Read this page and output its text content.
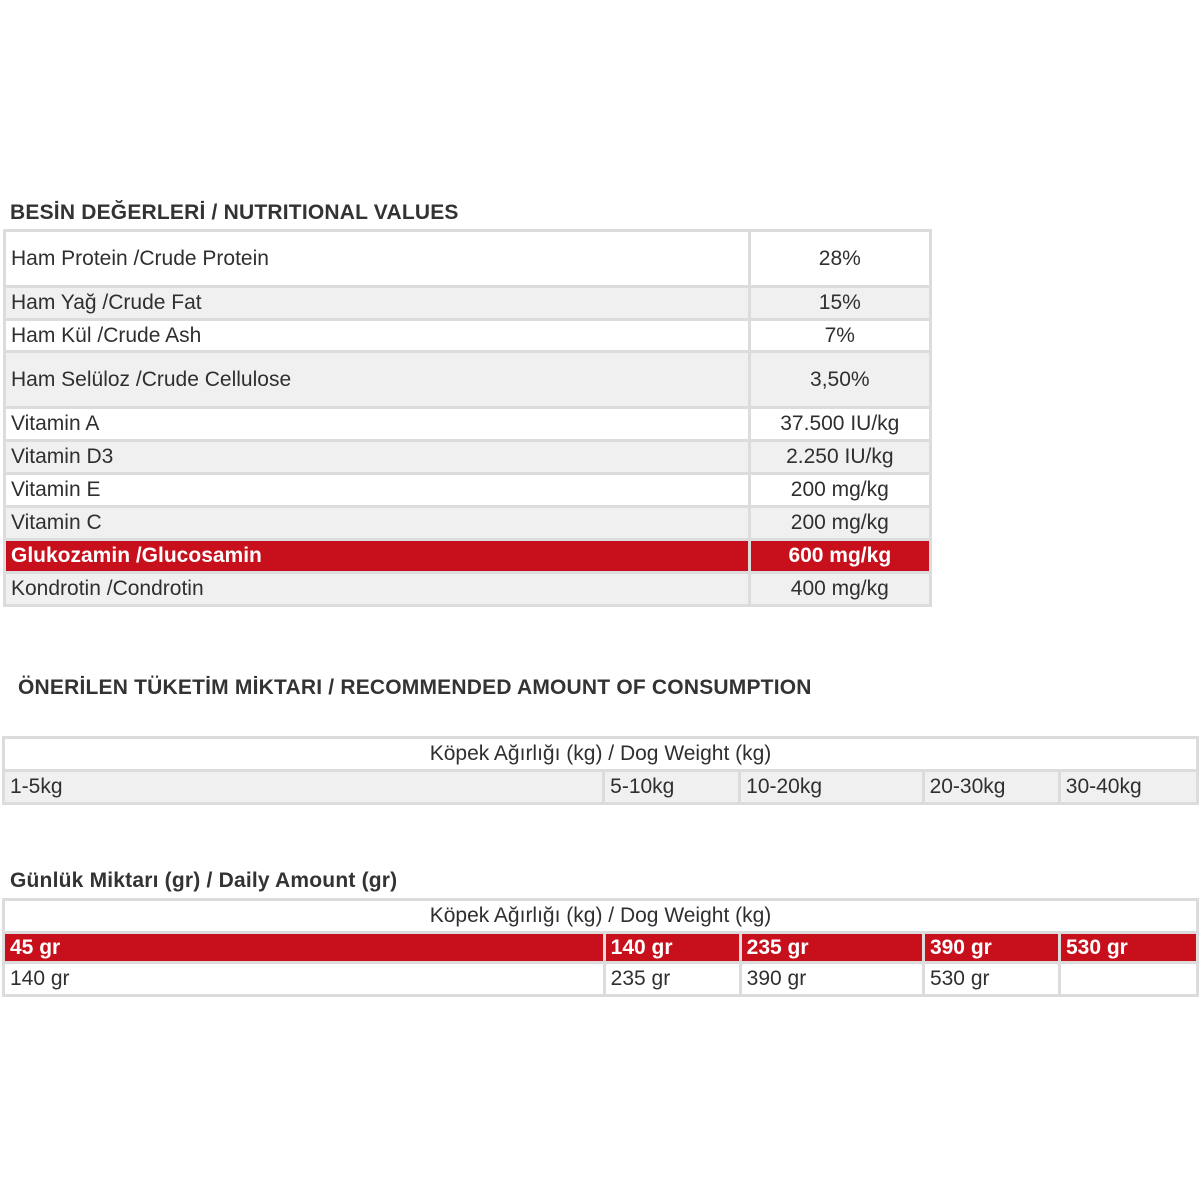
BESİN DEĞERLERİ / NUTRITIONAL VALUES
Ham Protein /Crude Protein	28%
Ham Yağ /Crude Fat	15%
Ham Kül /Crude Ash	7%
Ham Selüloz /Crude Cellulose	3,50%
Vitamin A	37.500 IU/kg
Vitamin D3	2.250 IU/kg
Vitamin E	200 mg/kg
Vitamin C	200 mg/kg
Glukozamin /Glucosamin	600 mg/kg
Kondrotin /Condrotin	400 mg/kg
ÖNERİLEN TÜKETİM MİKTARI / RECOMMENDED AMOUNT OF CONSUMPTION
Köpek Ağırlığı (kg) / Dog Weight (kg)
1-5kg	5-10kg	10-20kg	20-30kg	30-40kg
Günlük Miktarı (gr) / Daily Amount (gr)
Köpek Ağırlığı (kg) / Dog Weight (kg)				
45 gr	140 gr	235 gr	390 gr	530 gr
140 gr	235 gr	390 gr	530 gr	
